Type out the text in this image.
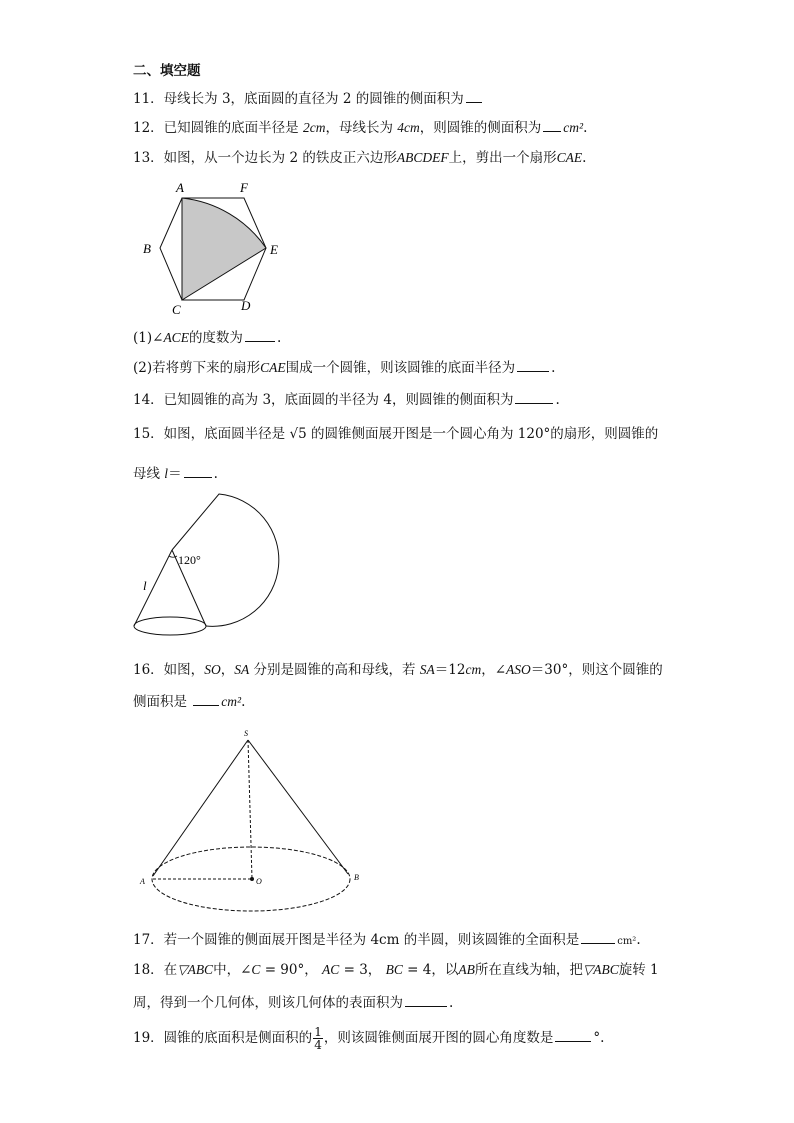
二、填空题
11．母线长为 3，底面圆的直径为 2 的圆锥的侧面积为
12．已知圆锥的底面半径是 2cm，母线长为 4cm，则圆锥的侧面积为 cm².
13．如图，从一个边长为 2 的铁皮正六边形ABCDEF上，剪出一个扇形CAE.
A	F
B	E
C	D
(1)∠ACE的度数为	.
(2)若将剪下来的扇形CAE围成一个圆锥，则该圆锥的底面半径为	.
14．已知圆锥的高为 3，底面圆的半径为 4，则圆锥的侧面积为	.
15．如图，底面圆半径是 √5 的圆锥侧面展开图是一个圆心角为 120°的扇形，则圆锥的
母线 l＝ .
120°
l
16．如图，SO，SA 分别是圆锥的高和母线，若 SA＝12cm，∠ASO＝30°，则这个圆锥的
侧面积是 cm².
S
A	B
O
17．若一个圆锥的侧面展开图是半径为 4cm 的半圆，则该圆锥的全面积是	cm².
18．在▽ABC中，∠C = 90°， AC = 3， BC = 4，以AB所在直线为轴，把▽ABC旋转 1
周，得到一个几何体，则该几何体的表面积为	.
19．圆锥的底面积是侧面积的 $\frac{1}{4}$ ，则该圆锥侧面展开图的圆心角度数是	°.
